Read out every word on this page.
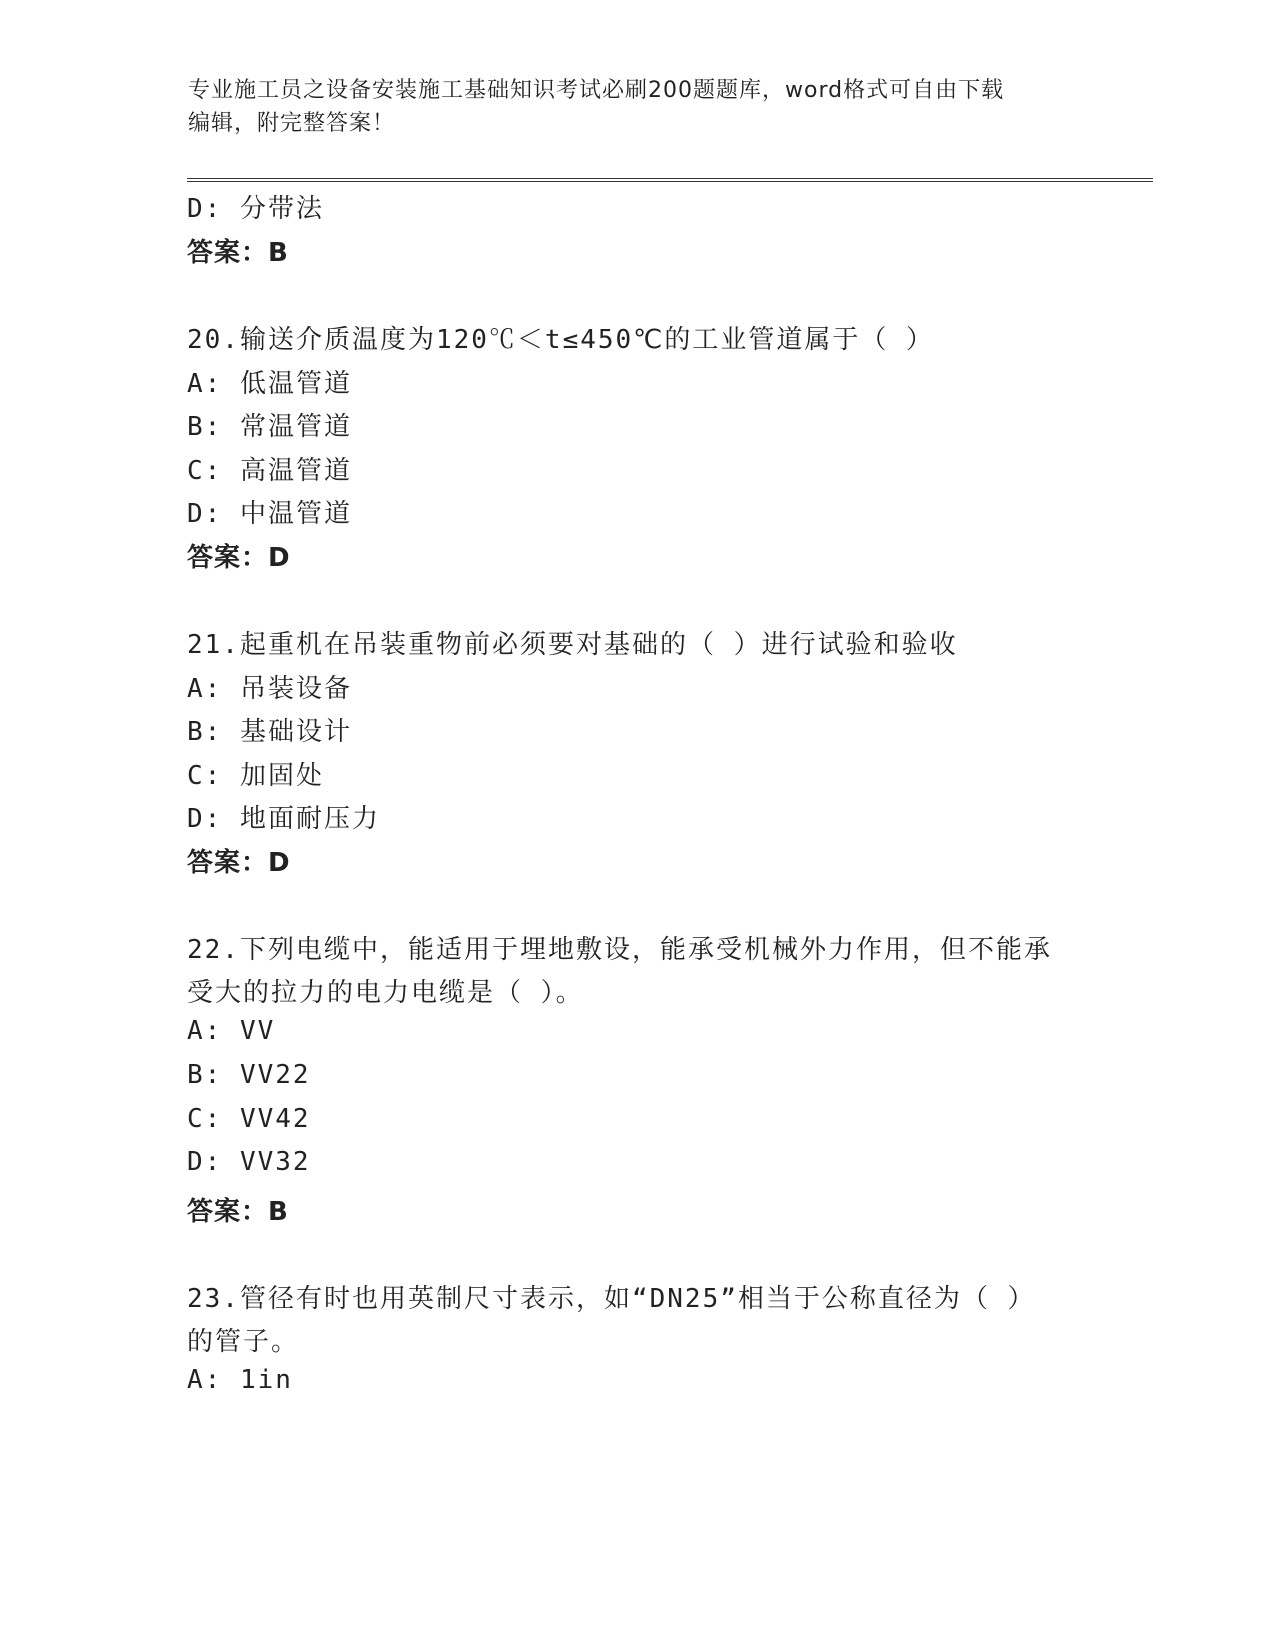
专业施工员之设备安装施工基础知识考试必刷200题题库，word格式可自由下载
编辑，附完整答案！
D: 分带法
答案：B
20.输送介质温度为120℃＜t≤450℃的工业管道属于（ ）
A: 低温管道
B: 常温管道
C: 高温管道
D: 中温管道
答案：D
21.起重机在吊装重物前必须要对基础的（ ）进行试验和验收
A: 吊装设备
B: 基础设计
C: 加固处
D: 地面耐压力
答案：D
22.下列电缆中，能适用于埋地敷设，能承受机械外力作用，但不能承
受大的拉力的电力电缆是（ ）。
A: VV
B: VV22
C: VV42
D: VV32
答案：B
23.管径有时也用英制尺寸表示，如“DN25”相当于公称直径为（ ）
的管子。
A: 1in
